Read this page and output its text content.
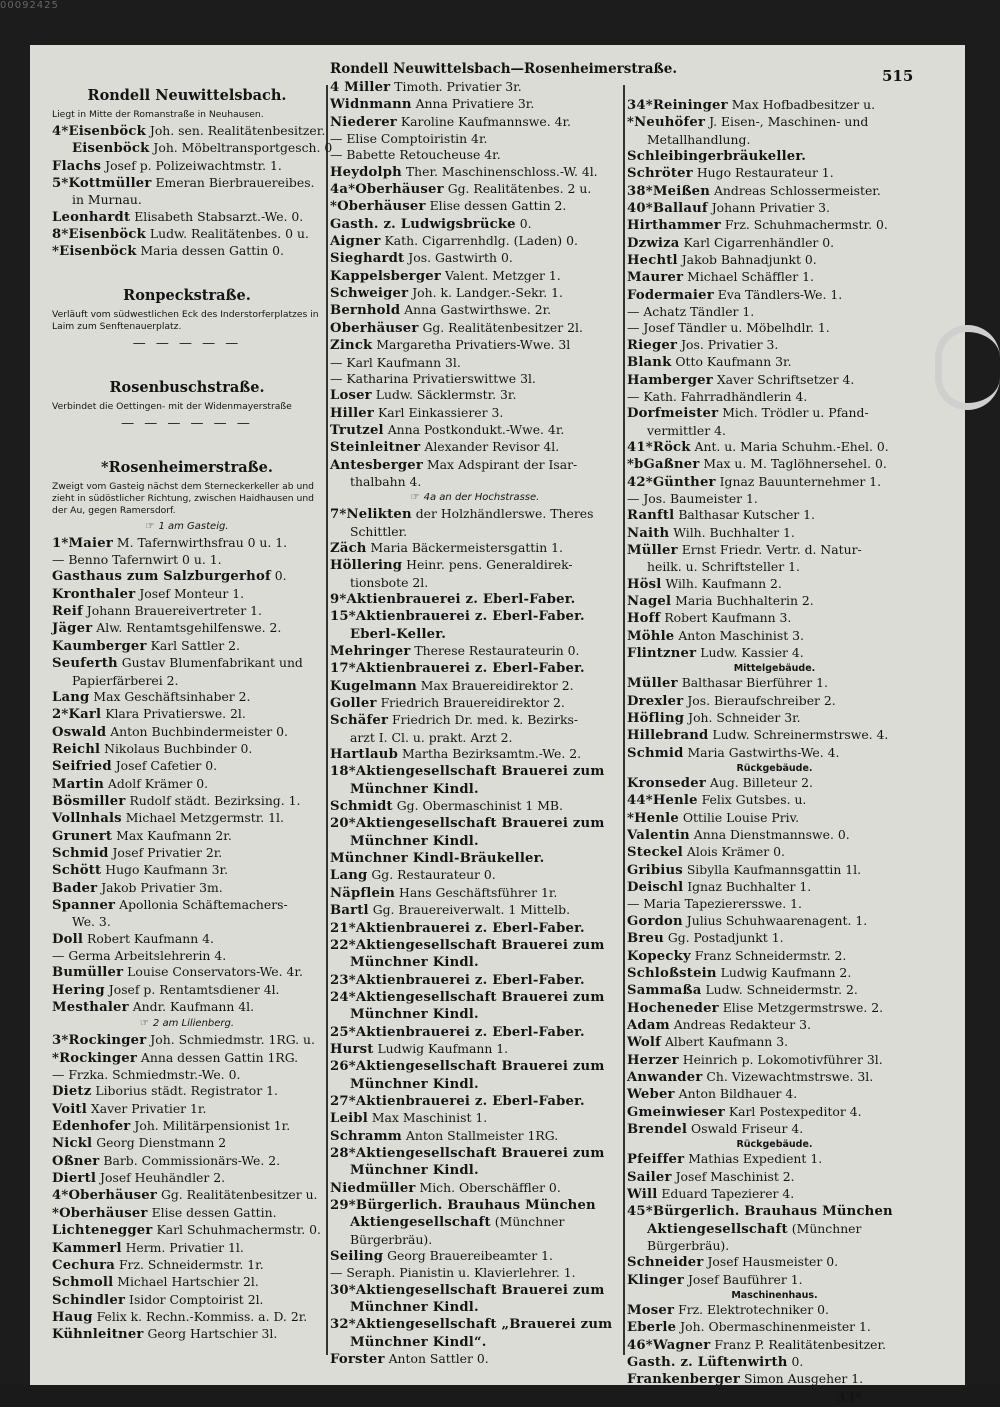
00092425
Rondell Neuwittelsbach—Rosenheimerstraße.	515
Rondell Neuwittelsbach.
Liegt in Mitte der Romanstraße in Neuhausen.
4*Eisenböck Joh. sen. Realitätenbesitzer.
Eisenböck Joh. Möbeltransportgesch. 0
Flachs Josef p. Polizeiwachtmstr. 1.
5*Kottmüller Emeran Bierbrauereibes.
in Murnau.
Leonhardt Elisabeth Stabsarzt.-We. 0.
8*Eisenböck Ludw. Realitätenbes. 0 u.
*Eisenböck Maria dessen Gattin 0.
Ronpeckstraße.
Verläuft vom südwestlichen Eck des Inderstorferplatzes in Laim zum Senftenauerplatz.
— — — — —
Rosenbuschstraße.
Verbindet die Oettingen- mit der Widenmayerstraße
— — — — — —
*Rosenheimerstraße.
Zweigt vom Gasteig nächst dem Sterneckerkeller ab und zieht in südöstlicher Richtung, zwischen Haidhausen und der Au, gegen Ramersdorf.
☞ 1 am Gasteig.
1*Maier M. Tafernwirthsfrau 0 u. 1.
— Benno Tafernwirt 0 u. 1.
Gasthaus zum Salzburgerhof 0.
Kronthaler Josef Monteur 1.
Reif Johann Brauereivertreter 1.
Jäger Alw. Rentamtsgehilfenswe. 2.
Kaumberger Karl Sattler 2.
Seuferth Gustav Blumenfabrikant und
Papierfärberei 2.
Lang Max Geschäftsinhaber 2.
2*Karl Klara Privatierswe. 2l.
Oswald Anton Buchbindermeister 0.
Reichl Nikolaus Buchbinder 0.
Seifried Josef Cafetier 0.
Martin Adolf Krämer 0.
Bösmiller Rudolf städt. Bezirksing. 1.
Vollnhals Michael Metzgermstr. 1l.
Grunert Max Kaufmann 2r.
Schmid Josef Privatier 2r.
Schött Hugo Kaufmann 3r.
Bader Jakob Privatier 3m.
Spanner Apollonia Schäftemachers-
We. 3.
Doll Robert Kaufmann 4.
— Germa Arbeitslehrerin 4.
Bumüller Louise Conservators-We. 4r.
Hering Josef p. Rentamtsdiener 4l.
Mesthaler Andr. Kaufmann 4l.
☞ 2 am Lilienberg.
3*Rockinger Joh. Schmiedmstr. 1RG. u.
*Rockinger Anna dessen Gattin 1RG.
— Frzka. Schmiedmstr.-We. 0.
Dietz Liborius städt. Registrator 1.
Voitl Xaver Privatier 1r.
Edenhofer Joh. Militärpensionist 1r.
Nickl Georg Dienstmann 2
Oßner Barb. Commissionärs-We. 2.
Diertl Josef Heuhändler 2.
4*Oberhäuser Gg. Realitätenbesitzer u.
*Oberhäuser Elise dessen Gattin.
Lichtenegger Karl Schuhmachermstr. 0.
Kammerl Herm. Privatier 1l.
Cechura Frz. Schneidermstr. 1r.
Schmoll Michael Hartschier 2l.
Schindler Isidor Comptoirist 2l.
Haug Felix k. Rechn.-Kommiss. a. D. 2r.
Kühnleitner Georg Hartschier 3l.
4 Miller Timoth. Privatier 3r.
Widnmann Anna Privatiere 3r.
Niederer Karoline Kaufmannswe. 4r.
— Elise Comptoiristin 4r.
— Babette Retoucheuse 4r.
Heydolph Ther. Maschinenschloss.-W. 4l.
4a*Oberhäuser Gg. Realitätenbes. 2 u.
*Oberhäuser Elise dessen Gattin 2.
Gasth. z. Ludwigsbrücke 0.
Aigner Kath. Cigarrenhdlg. (Laden) 0.
Sieghardt Jos. Gastwirth 0.
Kappelsberger Valent. Metzger 1.
Schweiger Joh. k. Landger.-Sekr. 1.
Bernhold Anna Gastwirthswe. 2r.
Oberhäuser Gg. Realitätenbesitzer 2l.
Zinck Margaretha Privatiers-Wwe. 3l
— Karl Kaufmann 3l.
— Katharina Privatierswittwe 3l.
Loser Ludw. Säcklermstr. 3r.
Hiller Karl Einkassierer 3.
Trutzel Anna Postkondukt.-Wwe. 4r.
Steinleitner Alexander Revisor 4l.
Antesberger Max Adspirant der Isar-
thalbahn 4.
☞ 4a an der Hochstrasse.
7*Nelikten der Holzhändlerswe. Theres
Schittler.
Zäch Maria Bäckermeistersgattin 1.
Höllering Heinr. pens. Generaldirek-
tionsbote 2l.
9*Aktienbrauerei z. Eberl-Faber.
15*Aktienbrauerei z. Eberl-Faber.
Eberl-Keller.
Mehringer Therese Restaurateurin 0.
17*Aktienbrauerei z. Eberl-Faber.
Kugelmann Max Brauereidirektor 2.
Goller Friedrich Brauereidirektor 2.
Schäfer Friedrich Dr. med. k. Bezirks-
arzt I. Cl. u. prakt. Arzt 2.
Hartlaub Martha Bezirksamtm.-We. 2.
18*Aktiengesellschaft Brauerei zum
Münchner Kindl.
Schmidt Gg. Obermaschinist 1 MB.
20*Aktiengesellschaft Brauerei zum
Münchner Kindl.
Münchner Kindl-Bräukeller.
Lang Gg. Restaurateur 0.
Näpflein Hans Geschäftsführer 1r.
Bartl Gg. Brauereiverwalt. 1 Mittelb.
21*Aktienbrauerei z. Eberl-Faber.
22*Aktiengesellschaft Brauerei zum
Münchner Kindl.
23*Aktienbrauerei z. Eberl-Faber.
24*Aktiengesellschaft Brauerei zum
Münchner Kindl.
25*Aktienbrauerei z. Eberl-Faber.
Hurst Ludwig Kaufmann 1.
26*Aktiengesellschaft Brauerei zum
Münchner Kindl.
27*Aktienbrauerei z. Eberl-Faber.
Leibl Max Maschinist 1.
Schramm Anton Stallmeister 1RG.
28*Aktiengesellschaft Brauerei zum
Münchner Kindl.
Niedmüller Mich. Oberschäffler 0.
29*Bürgerlich. Brauhaus München
Aktiengesellschaft (Münchner
Bürgerbräu).
Seiling Georg Brauereibeamter 1.
— Seraph. Pianistin u. Klavierlehrer. 1.
30*Aktiengesellschaft Brauerei zum
Münchner Kindl.
32*Aktiengesellschaft „Brauerei zum
Münchner Kindl“.
Forster Anton Sattler 0.
34*Reininger Max Hofbadbesitzer u.
*Neuhöfer J. Eisen-, Maschinen- und
Metallhandlung.
Schleibingerbräukeller.
Schröter Hugo Restaurateur 1.
38*Meißen Andreas Schlossermeister.
40*Ballauf Johann Privatier 3.
Hirthammer Frz. Schuhmachermstr. 0.
Dzwiza Karl Cigarrenhändler 0.
Hechtl Jakob Bahnadjunkt 0.
Maurer Michael Schäffler 1.
Fodermaier Eva Tändlers-We. 1.
— Achatz Tändler 1.
— Josef Tändler u. Möbelhdlr. 1.
Rieger Jos. Privatier 3.
Blank Otto Kaufmann 3r.
Hamberger Xaver Schriftsetzer 4.
— Kath. Fahrradhändlerin 4.
Dorfmeister Mich. Trödler u. Pfand-
vermittler 4.
41*Röck Ant. u. Maria Schuhm.-Ehel. 0.
*bGaßner Max u. M. Taglöhnersehel. 0.
42*Günther Ignaz Bauunternehmer 1.
— Jos. Baumeister 1.
Ranftl Balthasar Kutscher 1.
Naith Wilh. Buchhalter 1.
Müller Ernst Friedr. Vertr. d. Natur-
heilk. u. Schriftsteller 1.
Hösl Wilh. Kaufmann 2.
Nagel Maria Buchhalterin 2.
Hoff Robert Kaufmann 3.
Möhle Anton Maschinist 3.
Flintzner Ludw. Kassier 4.
Mittelgebäude.
Müller Balthasar Bierführer 1.
Drexler Jos. Bieraufschreiber 2.
Höfling Joh. Schneider 3r.
Hillebrand Ludw. Schreinermstrswe. 4.
Schmid Maria Gastwirths-We. 4.
Rückgebäude.
Kronseder Aug. Billeteur 2.
44*Henle Felix Gutsbes. u.
*Henle Ottilie Louise Priv.
Valentin Anna Dienstmannswe. 0.
Steckel Alois Krämer 0.
Gribius Sibylla Kaufmannsgattin 1l.
Deischl Ignaz Buchhalter 1.
— Maria Tapezierersswe. 1.
Gordon Julius Schuhwaarenagent. 1.
Breu Gg. Postadjunkt 1.
Kopecky Franz Schneidermstr. 2.
Schloßstein Ludwig Kaufmann 2.
Sammaßa Ludw. Schneidermstr. 2.
Hocheneder Elise Metzgermstrswe. 2.
Adam Andreas Redakteur 3.
Wolf Albert Kaufmann 3.
Herzer Heinrich p. Lokomotivführer 3l.
Anwander Ch. Vizewachtmstrswe. 3l.
Weber Anton Bildhauer 4.
Gmeinwieser Karl Postexpeditor 4.
Brendel Oswald Friseur 4.
Rückgebäude.
Pfeiffer Mathias Expedient 1.
Sailer Josef Maschinist 2.
Will Eduard Tapezierer 4.
45*Bürgerlich. Brauhaus München
Aktiengesellschaft (Münchner
Bürgerbräu).
Schneider Josef Hausmeister 0.
Klinger Josef Bauführer 1.
Maschinenhaus.
Moser Frz. Elektrotechniker 0.
Eberle Joh. Obermaschinenmeister 1.
46*Wagner Franz P. Realitätenbesitzer.
Gasth. z. Lüftenwirth 0.
Frankenberger Simon Ausgeher 1.
33*
